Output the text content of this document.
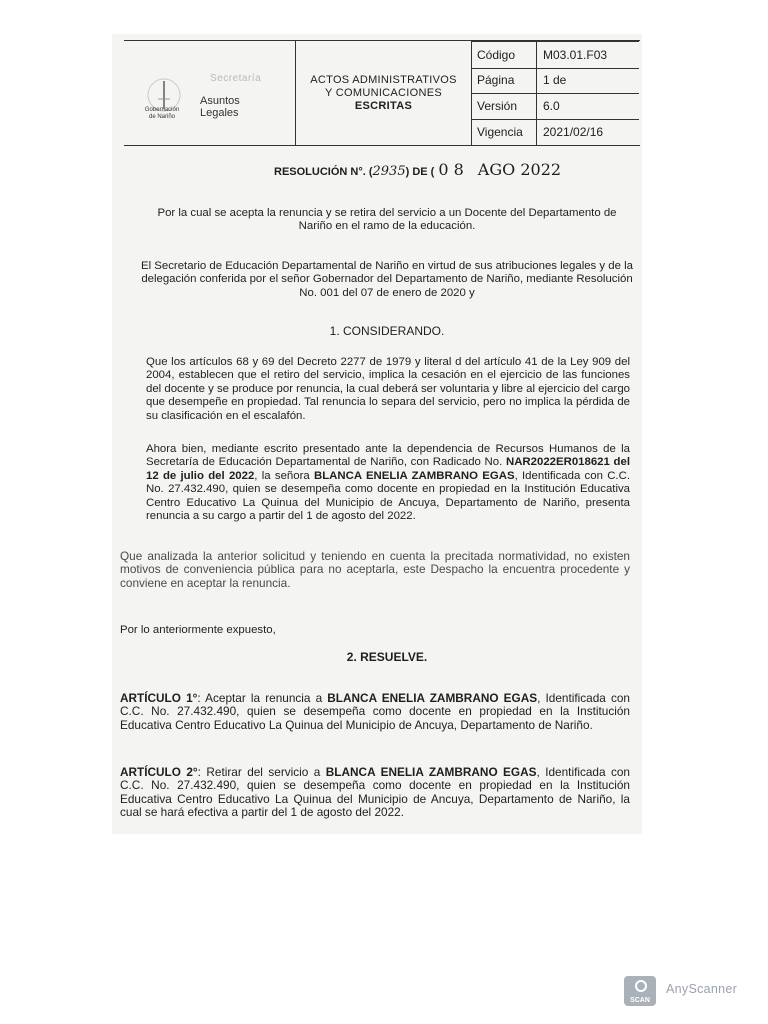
Secretaría
Asuntos
Legales
Gobernación
de Nariño
ACTOS ADMINISTRATIVOS
Y COMUNICACIONES
ESCRITAS
Código	M03.01.F03
Página	1 de
Versión	6.0
Vigencia	2021/02/16
RESOLUCIÓN N°. (2935) DE ( 0 8 AGO 2022
Por la cual se acepta la renuncia y se retira del servicio a un Docente del Departamento de Nariño en el ramo de la educación.
El Secretario de Educación Departamental de Nariño en virtud de sus atribuciones legales y de la delegación conferida por el señor Gobernador del Departamento de Nariño, mediante Resolución No. 001 del 07 de enero de 2020 y
1. CONSIDERANDO.
Que los artículos 68 y 69 del Decreto 2277 de 1979 y literal d del artículo 41 de la Ley 909 del 2004, establecen que el retiro del servicio, implica la cesación en el ejercicio de las funciones del docente y se produce por renuncia, la cual deberá ser voluntaria y libre al ejercicio del cargo que desempeñe en propiedad. Tal renuncia lo separa del servicio, pero no implica la pérdida de su clasificación en el escalafón.
Ahora bien, mediante escrito presentado ante la dependencia de Recursos Humanos de la Secretaría de Educación Departamental de Nariño, con Radicado No. NAR2022ER018621 del 12 de julio del 2022, la señora BLANCA ENELIA ZAMBRANO EGAS, Identificada con C.C. No. 27.432.490, quien se desempeña como docente en propiedad en la Institución Educativa Centro Educativo La Quinua del Municipio de Ancuya, Departamento de Nariño, presenta renuncia a su cargo a partir del 1 de agosto del 2022.
Que analizada la anterior solicitud y teniendo en cuenta la precitada normatividad, no existen motivos de conveniencia pública para no aceptarla, este Despacho la encuentra procedente y conviene en aceptar la renuncia.
Por lo anteriormente expuesto,
2. RESUELVE.
ARTÍCULO 1°: Aceptar la renuncia a BLANCA ENELIA ZAMBRANO EGAS, Identificada con C.C. No. 27.432.490, quien se desempeña como docente en propiedad en la Institución Educativa Centro Educativo La Quinua del Municipio de Ancuya, Departamento de Nariño.
ARTÍCULO 2°: Retirar del servicio a BLANCA ENELIA ZAMBRANO EGAS, Identificada con C.C. No. 27.432.490, quien se desempeña como docente en propiedad en la Institución Educativa Centro Educativo La Quinua del Municipio de Ancuya, Departamento de Nariño, la cual se hará efectiva a partir del 1 de agosto del 2022.
SCAN
AnyScanner
